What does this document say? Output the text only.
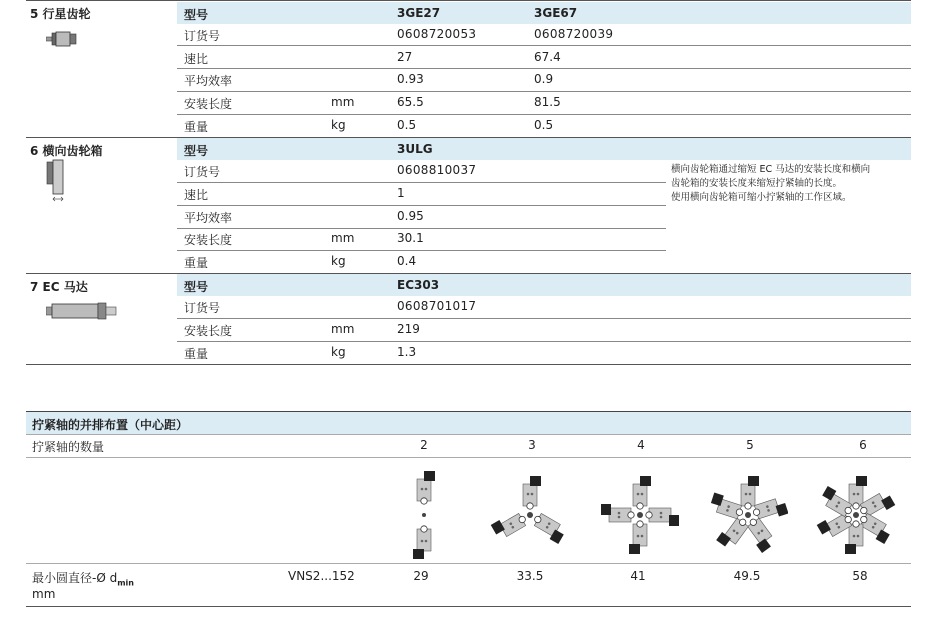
5 行星齿轮	型号	3GE27	3GE67
订货号	0608720053	0608720039
速比	27	67.4
平均效率	0.93	0.9
安装长度	mm	65.5	81.5
重量	kg	0.5	0.5
6 横向齿轮箱	型号	3ULG
订货号	0608810037
速比	1
平均效率	0.95
安装长度	mm	30.1
重量	kg	0.4
横向齿轮箱通过缩短 EC 马达的安装长度和横向
齿轮箱的安装长度来缩短拧紧轴的长度。
使用横向齿轮箱可缩小拧紧轴的工作区域。
7 EC 马达	型号	EC303
订货号	0608701017
安装长度	mm	219
重量	kg	1.3
拧紧轴的并排布置（中心距）
拧紧轴的数量	2	3	4	5	6
最小圆直径-Ø $d_{min}$
mm
VNS2...152	29	33.5	41	49.5	58
